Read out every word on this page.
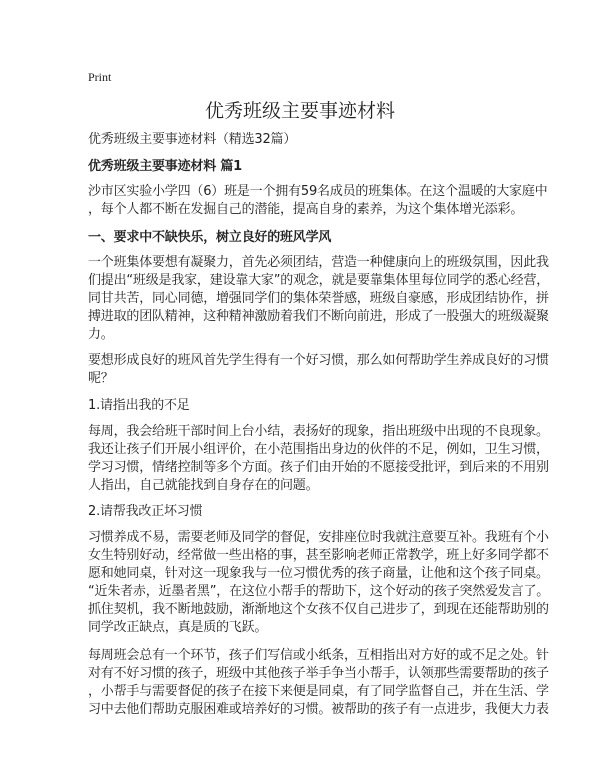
Print
优秀班级主要事迹材料
优秀班级主要事迹材料（精选32篇）
优秀班级主要事迹材料 篇1
沙市区实验小学四（6）班是一个拥有59名成员的班集体。在这个温暖的大家庭中
，每个人都不断在发掘自己的潜能，提高自身的素养，为这个集体增光添彩。
一、要求中不缺快乐，树立良好的班风学风
一个班集体要想有凝聚力，首先必须团结，营造一种健康向上的班级氛围，因此我
们提出“班级是我家，建设靠大家”的观念，就是要靠集体里每位同学的悉心经营，
同甘共苦，同心同德，增强同学们的集体荣誉感，班级自豪感，形成团结协作，拼
搏进取的团队精神，这种精神激励着我们不断向前进，形成了一股强大的班级凝聚
力。
要想形成良好的班风首先学生得有一个好习惯，那么如何帮助学生养成良好的习惯
呢？
1.请指出我的不足
每周，我会给班干部时间上台小结，表扬好的现象，指出班级中出现的不良现象。
我还让孩子们开展小组评价，在小范围指出身边的伙伴的不足，例如，卫生习惯，
学习习惯，情绪控制等多个方面。孩子们由开始的不愿接受批评，到后来的不用别
人指出，自己就能找到自身存在的问题。
2.请帮我改正坏习惯
习惯养成不易，需要老师及同学的督促，安排座位时我就注意要互补。我班有个小
女生特别好动，经常做一些出格的事，甚至影响老师正常教学，班上好多同学都不
愿和她同桌，针对这一现象我与一位习惯优秀的孩子商量，让他和这个孩子同桌。
“近朱者赤，近墨者黑”，在这位小帮手的帮助下，这个好动的孩子突然爱发言了。
抓住契机，我不断地鼓励，渐渐地这个女孩不仅自己进步了，到现在还能帮助别的
同学改正缺点，真是质的飞跃。
每周班会总有一个环节，孩子们写信或小纸条，互相指出对方好的或不足之处。针
对有不好习惯的孩子，班级中其他孩子举手争当小帮手，认领那些需要帮助的孩子
，小帮手与需要督促的孩子在接下来便是同桌，有了同学监督自己，并在生活、学
习中去他们帮助克服困难或培养好的习惯。被帮助的孩子有一点进步，我便大力表
